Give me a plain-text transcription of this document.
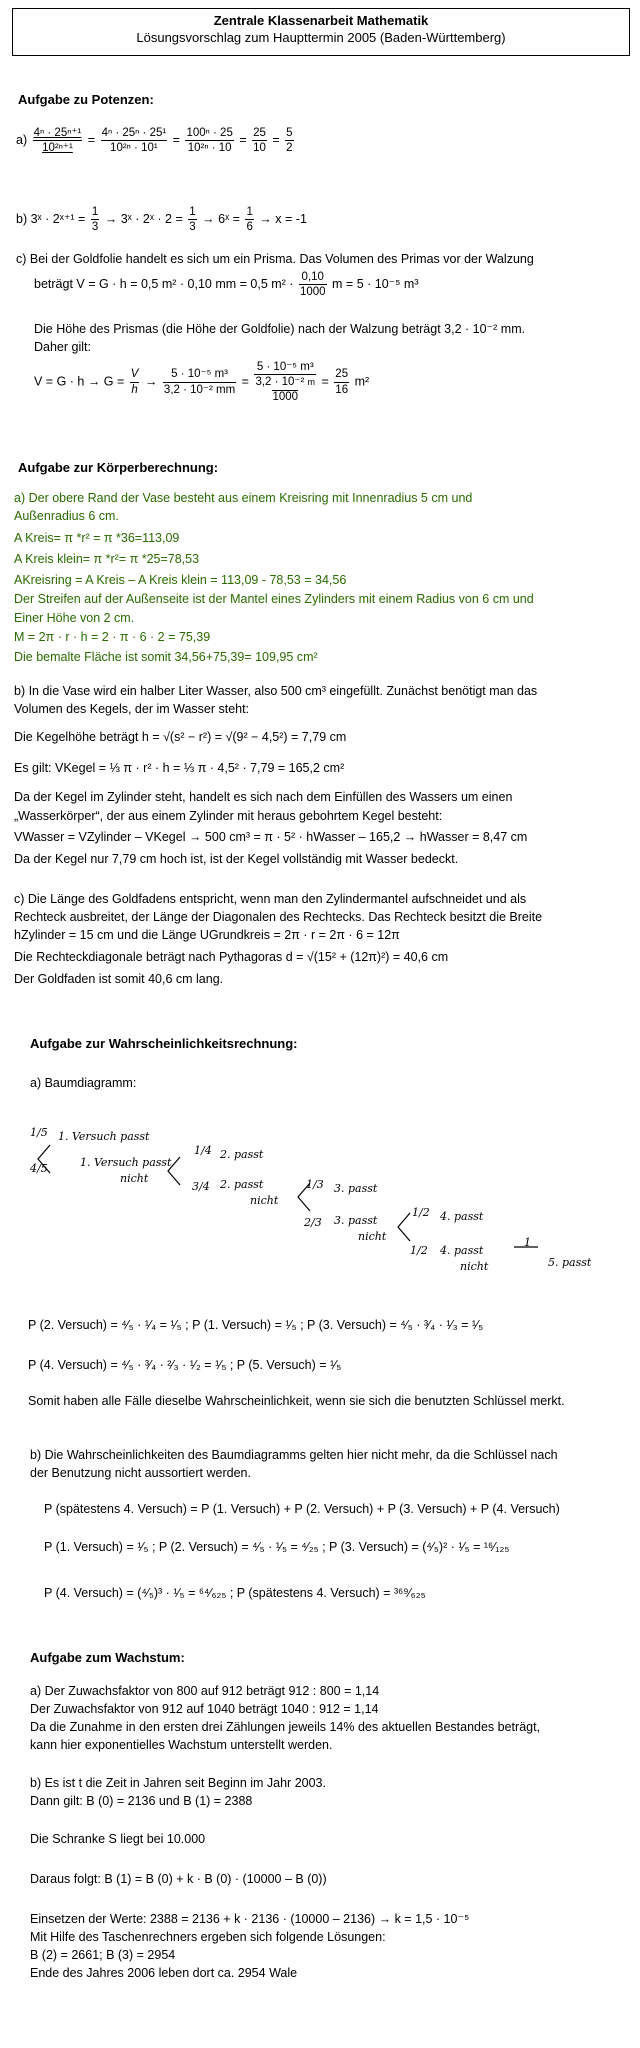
Zentrale Klassenarbeit Mathematik
Lösungsvorschlag zum Haupttermin 2005 (Baden-Württemberg)
Aufgabe zu Potenzen:
$a) \frac{\text{4ⁿ · 25ⁿ⁺¹}}{\text{10²ⁿ⁺¹}} = \frac{\text{4ⁿ · 25ⁿ · 25¹}}{\text{10²ⁿ · 10¹}} = \frac{\text{100ⁿ · 25}}{\text{10²ⁿ · 10}} = \frac{25}{10} = \frac{5}{2}$
b) 3ˣ · 2ˣ⁺¹ = $\frac{1}{3}$ → 3ˣ · 2ˣ · $2 = \frac{1}{3}$ → 6ˣ = $\frac{1}{6} \to x = -1$
c) Bei der Goldfolie handelt es sich um ein Prisma. Das Volumen des Primas vor der Walzung
beträgt V = G · h = 0,5 m² · 0,10 mm = 0,5 $m^2 \cdot \frac{0,10}{1000}$ m = 5 · 10⁻⁵ m³
Die Höhe des Prismas (die Höhe der Goldfolie) nach der Walzung beträgt 3,2 · 10⁻² mm.
Daher gilt:
$V = G \cdot h \to G = \frac{V}{h} \to \frac{\text{5 · 10⁻⁵ m³}}{\text{3,2 · 10⁻² mm}}$ =
5 · 10⁻⁵ m³
3,2 · 10⁻² m
1000
= $\frac{25}{16} m^2$
Aufgabe zur Körperberechnung:
a) Der obere Rand der Vase besteht aus einem Kreisring mit Innenradius 5 cm und
Außenradius 6 cm.
A Kreis= π *r² = π *36=113,09
A Kreis klein= π *r²= π *25=78,53
AKreisring = A Kreis – A Kreis klein = 113,09 - 78,53 = 34,56
Der Streifen auf der Außenseite ist der Mantel eines Zylinders mit einem Radius von 6 cm und
Einer Höhe von 2 cm.
M = 2π · r · h = 2 · π · 6 · 2 = 75,39
Die bemalte Fläche ist somit 34,56+75,39= 109,95 cm²
b) In die Vase wird ein halber Liter Wasser, also 500 cm³ eingefüllt. Zunächst benötigt man das
Volumen des Kegels, der im Wasser steht:
Die Kegelhöhe beträgt h = √(s² − r²) = √(9² − 4,5²) = 7,79 cm
Es gilt: VKegel = ⅓ π · r² · h = ⅓ π · 4,5² · 7,79 = 165,2 cm²
Da der Kegel im Zylinder steht, handelt es sich nach dem Einfüllen des Wassers um einen
„Wasserkörper“, der aus einem Zylinder mit heraus gebohrtem Kegel besteht:
VWasser = VZylinder – VKegel → 500 cm³ = π · 5² · hWasser – 165,2 → hWasser = 8,47 cm
Da der Kegel nur 7,79 cm hoch ist, ist der Kegel vollständig mit Wasser bedeckt.
c) Die Länge des Goldfadens entspricht, wenn man den Zylindermantel aufschneidet und als
Rechteck ausbreitet, der Länge der Diagonalen des Rechtecks. Das Rechteck besitzt die Breite
hZylinder = 15 cm und die Länge UGrundkreis = 2π · r = 2π · 6 = 12π
Die Rechteckdiagonale beträgt nach Pythagoras d = √(15² + (12π)²) = 40,6 cm
Der Goldfaden ist somit 40,6 cm lang.
Aufgabe zur Wahrscheinlichkeitsrechnung:
a) Baumdiagramm:
1/5 1. Versuch passt
4/5	1. Versuch passt
nicht
1/4 2. passt
3/4 2. passt
nicht
1/3 3. passt
2/3 3. passt
nicht
1/2 4. passt
1/2 4. passt
nicht
1
5. passt
P (2. Versuch) = ⁴⁄₅ · ¹⁄₄ = ¹⁄₅ ; P (1. Versuch) = ¹⁄₅ ; P (3. Versuch) = ⁴⁄₅ · ³⁄₄ · ¹⁄₃ = ¹⁄₅
P (4. Versuch) = ⁴⁄₅ · ³⁄₄ · ²⁄₃ · ¹⁄₂ = ¹⁄₅ ; P (5. Versuch) = ¹⁄₅
Somit haben alle Fälle dieselbe Wahrscheinlichkeit, wenn sie sich die benutzten Schlüssel merkt.
b) Die Wahrscheinlichkeiten des Baumdiagramms gelten hier nicht mehr, da die Schlüssel nach
der Benutzung nicht aussortiert werden.
P (spätestens 4. Versuch) = P (1. Versuch) + P (2. Versuch) + P (3. Versuch) + P (4. Versuch)
P (1. Versuch) = ¹⁄₅ ; P (2. Versuch) = ⁴⁄₅ · ¹⁄₅ = ⁴⁄₂₅ ; P (3. Versuch) = (⁴⁄₅)² · ¹⁄₅ = ¹⁶⁄₁₂₅
P (4. Versuch) = (⁴⁄₅)³ · ¹⁄₅ = ⁶⁴⁄₆₂₅ ; P (spätestens 4. Versuch) = ³⁶⁹⁄₆₂₅
Aufgabe zum Wachstum:
a) Der Zuwachsfaktor von 800 auf 912 beträgt 912 : 800 = 1,14
Der Zuwachsfaktor von 912 auf 1040 beträgt 1040 : 912 = 1,14
Da die Zunahme in den ersten drei Zählungen jeweils 14% des aktuellen Bestandes beträgt,
kann hier exponentielles Wachstum unterstellt werden.
b) Es ist t die Zeit in Jahren seit Beginn im Jahr 2003.
Dann gilt: B (0) = 2136 und B (1) = 2388
Die Schranke S liegt bei 10.000
Daraus folgt: B (1) = B (0) + k · B (0) · (10000 – B (0))
Einsetzen der Werte: 2388 = 2136 + k · 2136 · (10000 – 2136) → k = 1,5 · 10⁻⁵
Mit Hilfe des Taschenrechners ergeben sich folgende Lösungen:
B (2) = 2661; B (3) = 2954
Ende des Jahres 2006 leben dort ca. 2954 Wale
